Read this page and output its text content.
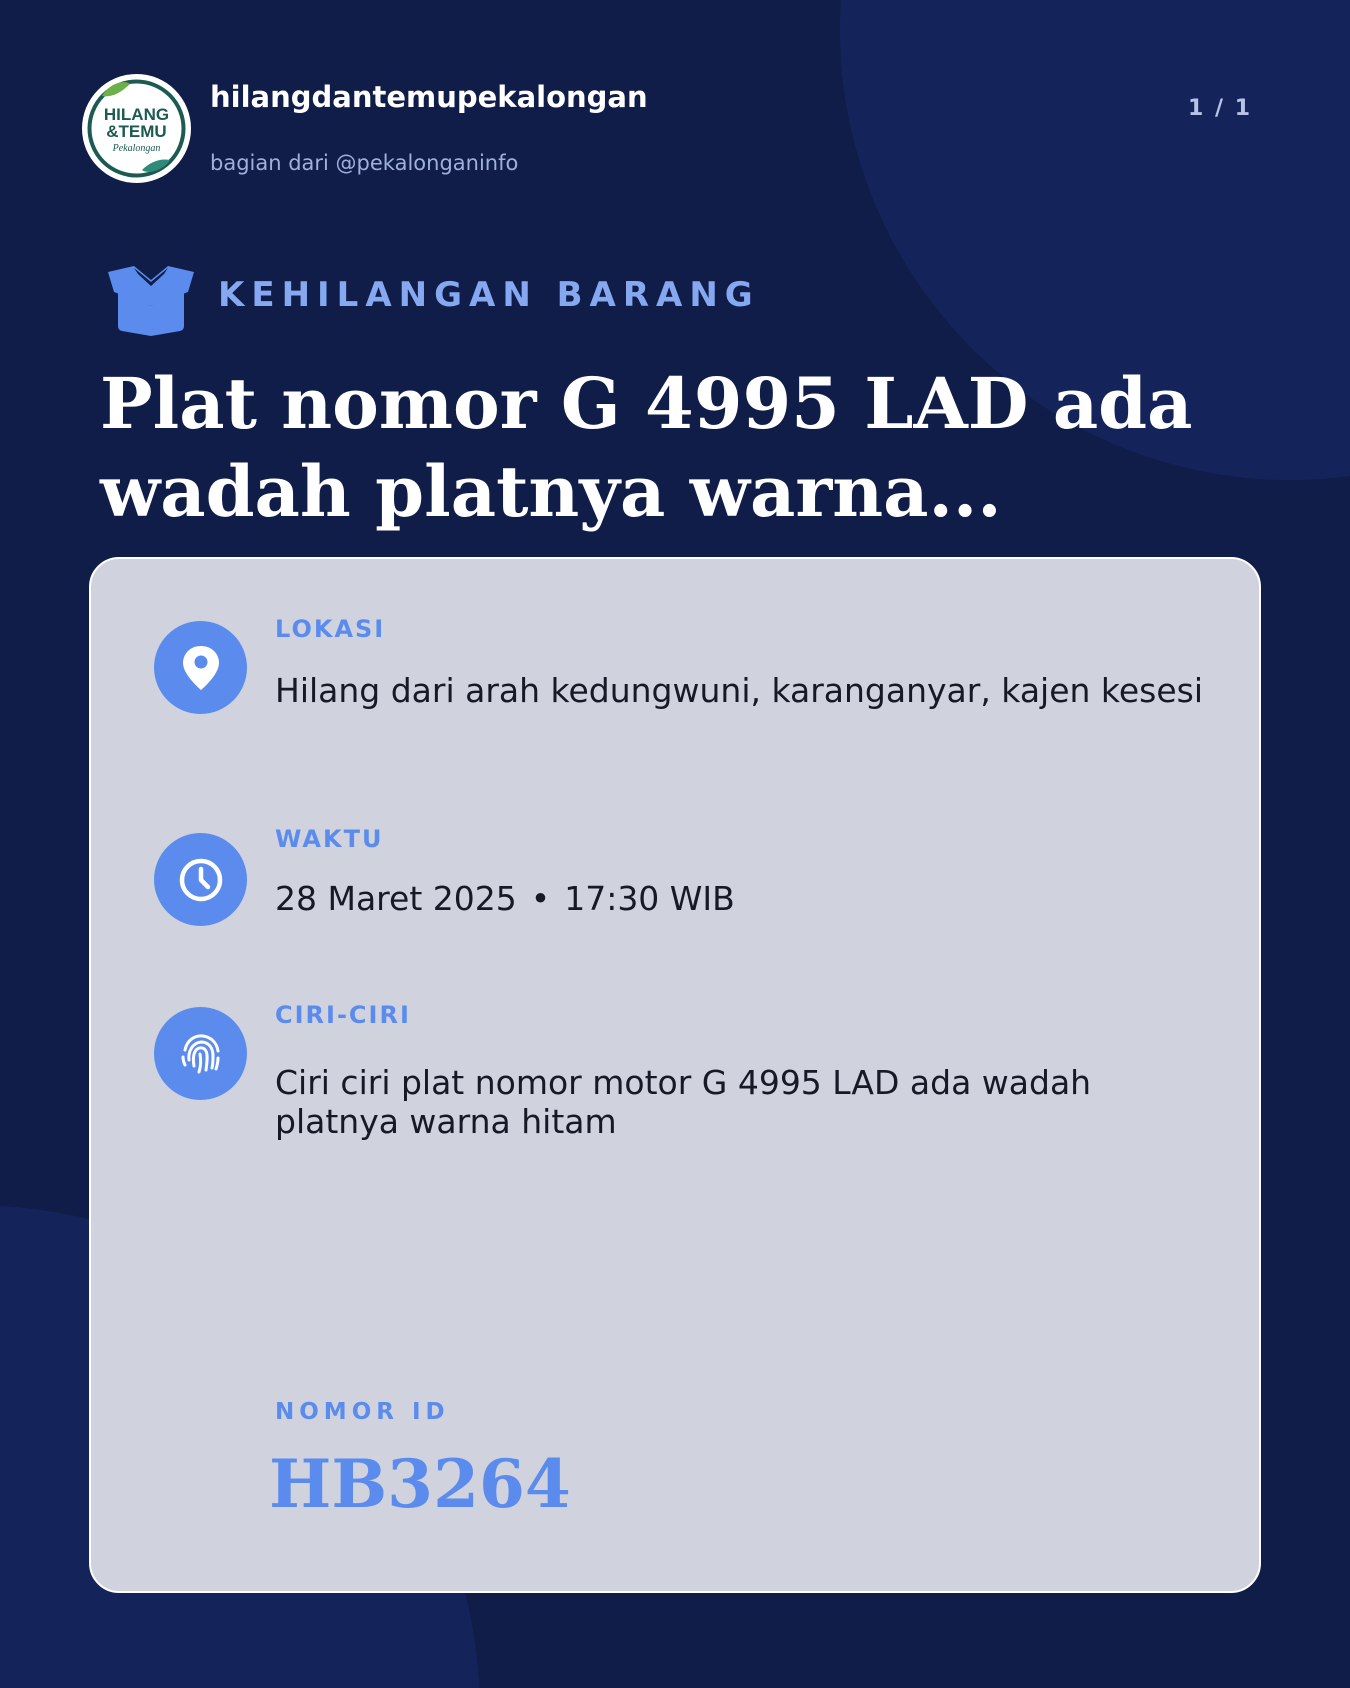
HILANG
&TEMU
Pekalongan
hilangdantemupekalongan
bagian dari @pekalonganinfo
1 / 1
KEHILANGAN BARANG
Plat nomor G 4995 LAD ada wadah platnya warna...
LOKASI
Hilang dari arah kedungwuni, karanganyar, kajen kesesi
WAKTU
28 Maret 2025 • 17:30 WIB
CIRI-CIRI
Ciri ciri plat nomor motor G 4995 LAD ada wadah platnya warna hitam
NOMOR ID
HB3264
